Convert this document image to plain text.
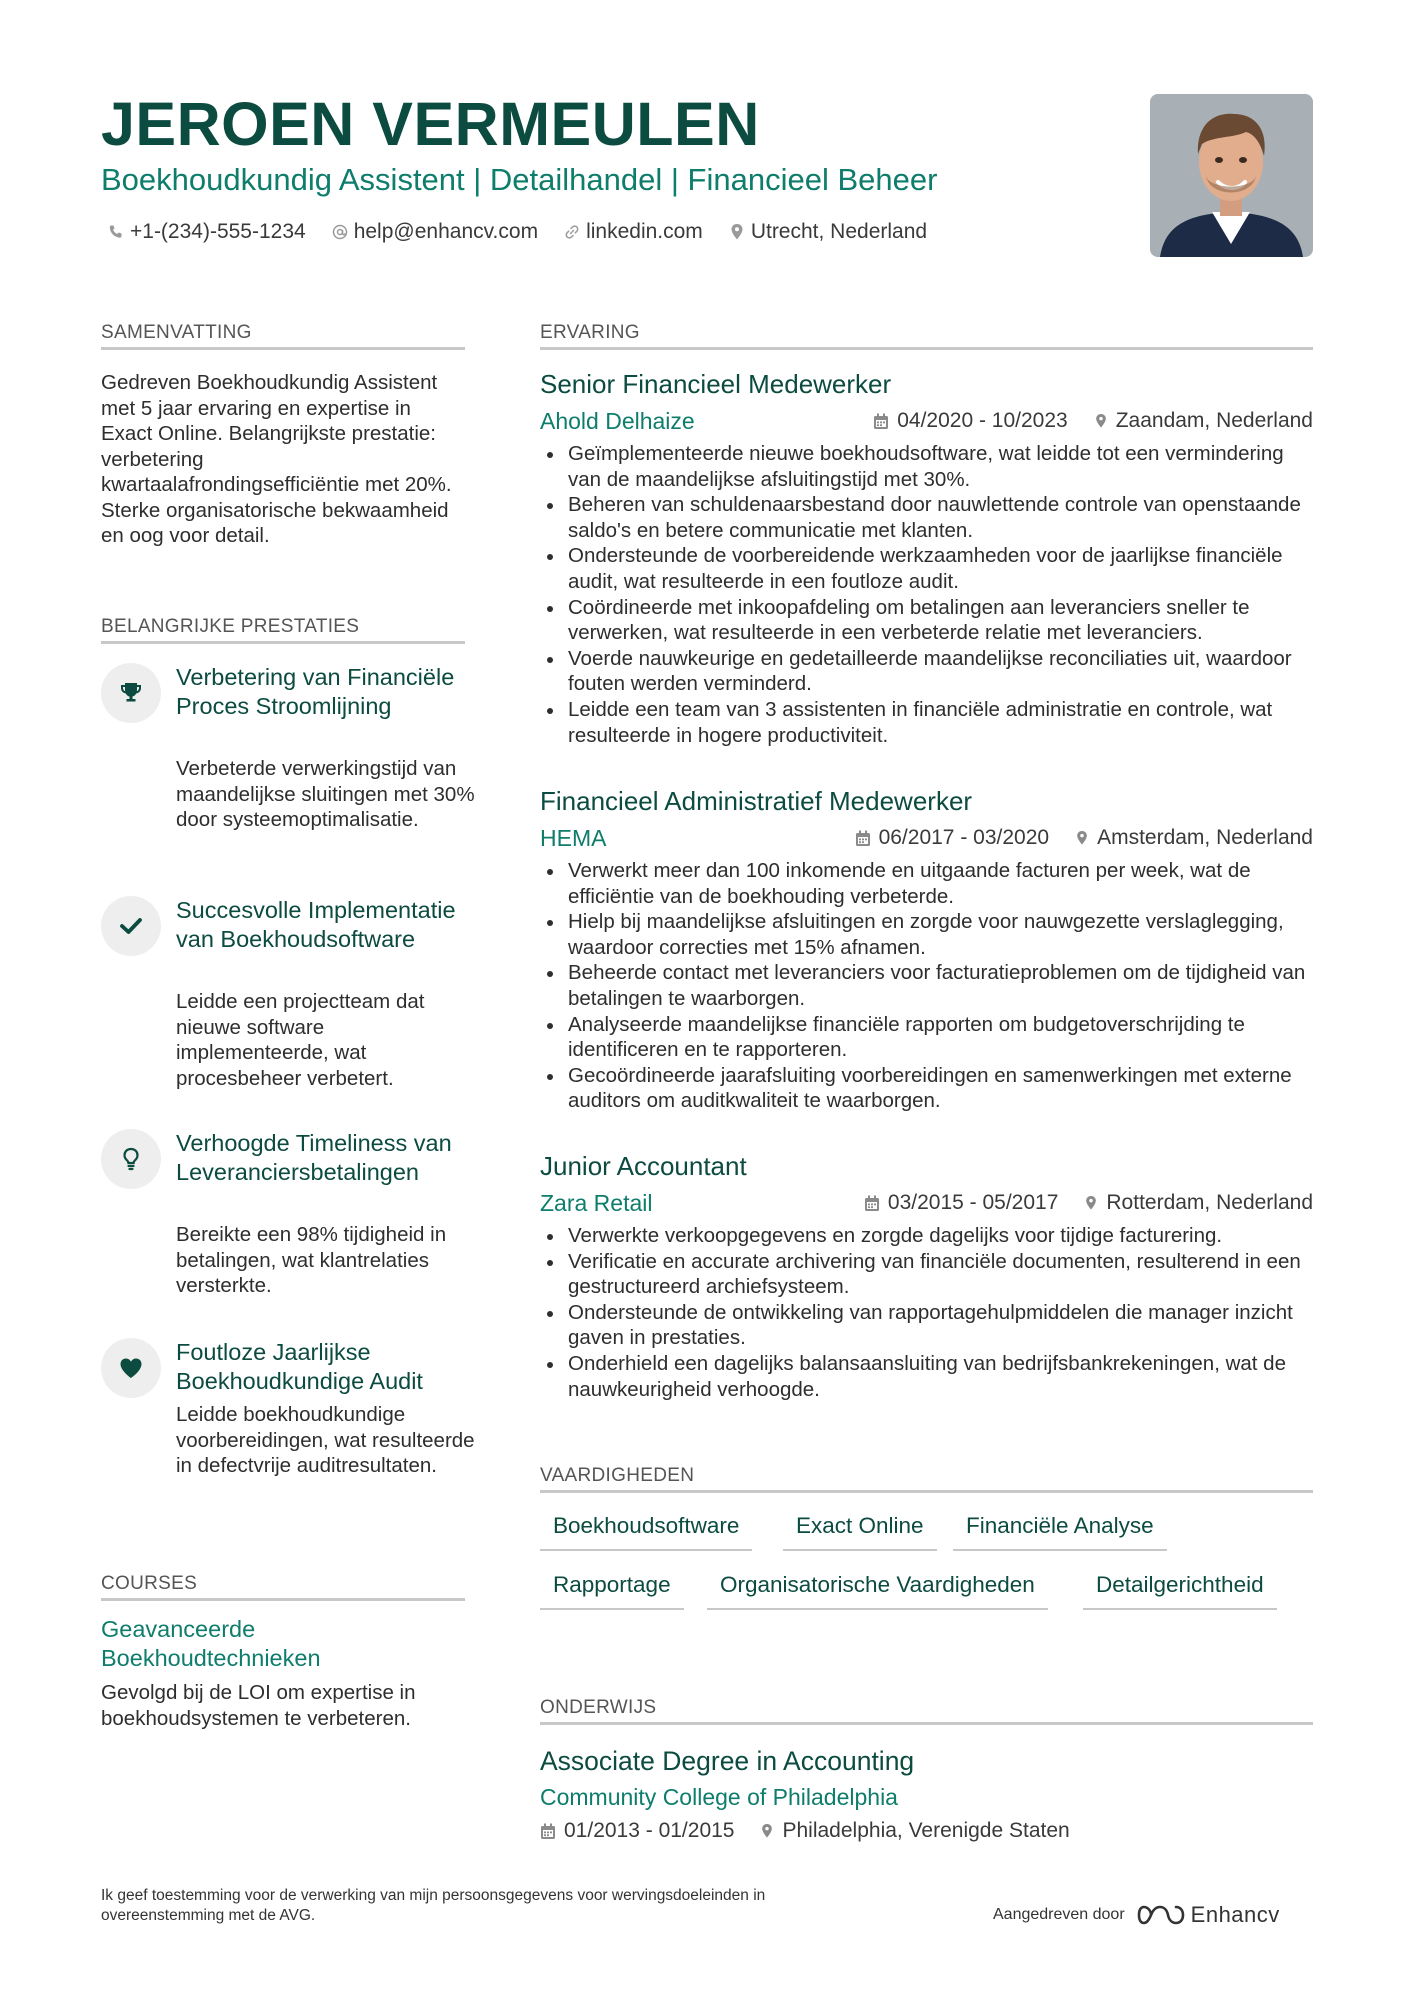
JEROEN VERMEULEN
Boekhoudkundig Assistent | Detailhandel | Financieel Beheer
+1-(234)-555-1234 help@enhancv.com linkedin.com Utrecht, Nederland
SAMENVATTING
Gedreven Boekhoudkundig Assistent met 5 jaar ervaring en expertise in Exact Online. Belangrijkste prestatie: verbetering kwartaalafrondingsefficiëntie met 20%. Sterke organisatorische bekwaamheid en oog voor detail.
BELANGRIJKE PRESTATIES
Verbetering van Financiële Proces Stroomlijning
Verbeterde verwerkingstijd van maandelijkse sluitingen met 30% door systeemoptimalisatie.
Succesvolle Implementatie van Boekhoudsoftware
Leidde een projectteam dat nieuwe software implementeerde, wat procesbeheer verbetert.
Verhoogde Timeliness van Leveranciersbetalingen
Bereikte een 98% tijdigheid in betalingen, wat klantrelaties versterkte.
Foutloze Jaarlijkse Boekhoudkundige Audit
Leidde boekhoudkundige voorbereidingen, wat resulteerde in defectvrije auditresultaten.
COURSES
Geavanceerde Boekhoudtechnieken
Gevolgd bij de LOI om expertise in boekhoudsystemen te verbeteren.
ERVARING
Senior Financieel Medewerker
Ahold Delhaize	04/2020 - 10/2023 Zaandam, Nederland
Geïmplementeerde nieuwe boekhoudsoftware, wat leidde tot een vermindering van de maandelijkse afsluitingstijd met 30%.
Beheren van schuldenaarsbestand door nauwlettende controle van openstaande saldo's en betere communicatie met klanten.
Ondersteunde de voorbereidende werkzaamheden voor de jaarlijkse financiële audit, wat resulteerde in een foutloze audit.
Coördineerde met inkoopafdeling om betalingen aan leveranciers sneller te verwerken, wat resulteerde in een verbeterde relatie met leveranciers.
Voerde nauwkeurige en gedetailleerde maandelijkse reconciliaties uit, waardoor fouten werden verminderd.
Leidde een team van 3 assistenten in financiële administratie en controle, wat resulteerde in hogere productiviteit.
Financieel Administratief Medewerker
HEMA	06/2017 - 03/2020 Amsterdam, Nederland
Verwerkt meer dan 100 inkomende en uitgaande facturen per week, wat de efficiëntie van de boekhouding verbeterde.
Hielp bij maandelijkse afsluitingen en zorgde voor nauwgezette verslaglegging, waardoor correcties met 15% afnamen.
Beheerde contact met leveranciers voor facturatieproblemen om de tijdigheid van betalingen te waarborgen.
Analyseerde maandelijkse financiële rapporten om budgetoverschrijding te identificeren en te rapporteren.
Gecoördineerde jaarafsluiting voorbereidingen en samenwerkingen met externe auditors om auditkwaliteit te waarborgen.
Junior Accountant
Zara Retail	03/2015 - 05/2017 Rotterdam, Nederland
Verwerkte verkoopgegevens en zorgde dagelijks voor tijdige facturering.
Verificatie en accurate archivering van financiële documenten, resulterend in een gestructureerd archiefsysteem.
Ondersteunde de ontwikkeling van rapportagehulpmiddelen die manager inzicht gaven in prestaties.
Onderhield een dagelijks balansaansluiting van bedrijfsbankrekeningen, wat de nauwkeurigheid verhoogde.
VAARDIGHEDEN
Boekhoudsoftware	Exact Online	Financiële Analyse
Rapportage	Organisatorische Vaardigheden	Detailgerichtheid
ONDERWIJS
Associate Degree in Accounting
Community College of Philadelphia
01/2013 - 01/2015 Philadelphia, Verenigde Staten
Ik geef toestemming voor de verwerking van mijn persoonsgegevens voor wervingsdoeleinden in overeenstemming met de AVG.	Aangedreven door	Enhancv
